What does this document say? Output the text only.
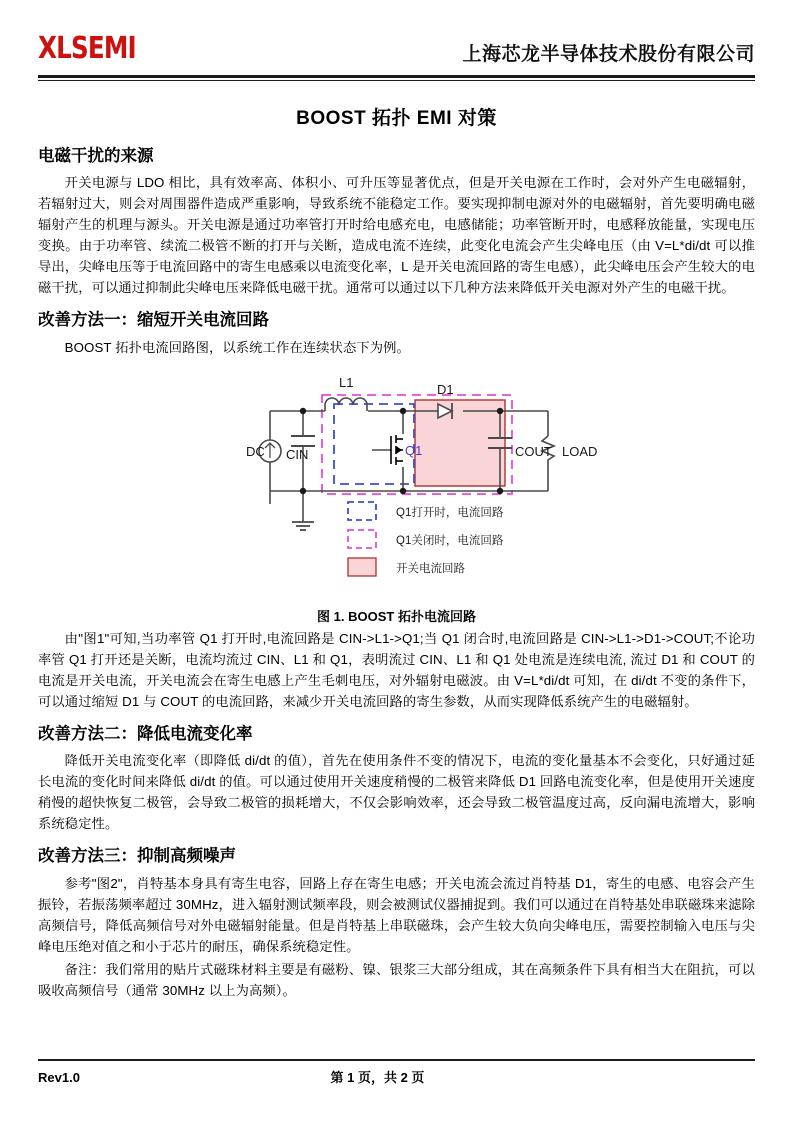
XLSEMI	上海芯龙半导体技术股份有限公司
BOOST 拓扑 EMI 对策
电磁干扰的来源

开关电源与 LDO 相比，具有效率高、体积小、可升压等显著优点，但是开关电源在工作时，会对外产生电磁辐射，若辐射过大，则会对周围器件造成严重影响，导致系统不能稳定工作。要实现抑制电源对外的电磁辐射，首先要明确电磁辐射产生的机理与源头。开关电源是通过功率管打开时给电感充电，电感储能；功率管断开时，电感释放能量，实现电压变换。由于功率管、续流二极管不断的打开与关断，造成电流不连续，此变化电流会产生尖峰电压（由 V=L*di/dt 可以推导出，尖峰电压等于电流回路中的寄生电感乘以电流变化率，L 是开关电流回路的寄生电感），此尖峰电压会产生较大的电磁干扰，可以通过抑制此尖峰电压来降低电磁干扰。通常可以通过以下几种方法来降低开关电源对外产生的电磁干扰。

改善方法一：缩短开关电流回路

BOOST 拓扑电流回路图，以系统工作在连续状态下为例。

DC CIN
L1
Q1
D1
COUT LOAD
Q1打开时，电流回路
Q1关闭时，电流回路
开关电流回路
图 1. BOOST 拓扑电流回路

由"图1"可知,当功率管 Q1 打开时,电流回路是 CIN->L1->Q1;当 Q1 闭合时,电流回路是 CIN->L1->D1->COUT;不论功率管 Q1 打开还是关断，电流均流过 CIN、L1 和 Q1，表明流过 CIN、L1 和 Q1 处电流是连续电流, 流过 D1 和 COUT 的电流是开关电流，开关电流会在寄生电感上产生毛刺电压，对外辐射电磁波。由 V=L*di/dt 可知，在 di/dt 不变的条件下，可以通过缩短 D1 与 COUT 的电流回路，来减少开关电流回路的寄生参数，从而实现降低系统产生的电磁辐射。

改善方法二：降低电流变化率

降低开关电流变化率（即降低 di/dt 的值），首先在使用条件不变的情况下，电流的变化量基本不会变化，只好通过延长电流的变化时间来降低 di/dt 的值。可以通过使用开关速度稍慢的二极管来降低 D1 回路电流变化率，但是使用开关速度稍慢的超快恢复二极管，会导致二极管的损耗增大，不仅会影响效率，还会导致二极管温度过高，反向漏电流增大，影响系统稳定性。

改善方法三：抑制高频噪声

参考"图2"，肖特基本身具有寄生电容，回路上存在寄生电感；开关电流会流过肖特基 D1，寄生的电感、电容会产生振铃，若振荡频率超过 30MHz，进入辐射测试频率段，则会被测试仪器捕捉到。我们可以通过在肖特基处串联磁珠来滤除高频信号，降低高频信号对外电磁辐射能量。但是肖特基上串联磁珠，会产生较大负向尖峰电压，需要控制输入电压与尖峰电压绝对值之和小于芯片的耐压，确保系统稳定性。

备注：我们常用的贴片式磁珠材料主要是有磁粉、镍、银浆三大部分组成，其在高频条件下具有相当大在阻抗，可以吸收高频信号（通常 30MHz 以上为高频）。

Rev1.0	第 1 页，共 2 页
